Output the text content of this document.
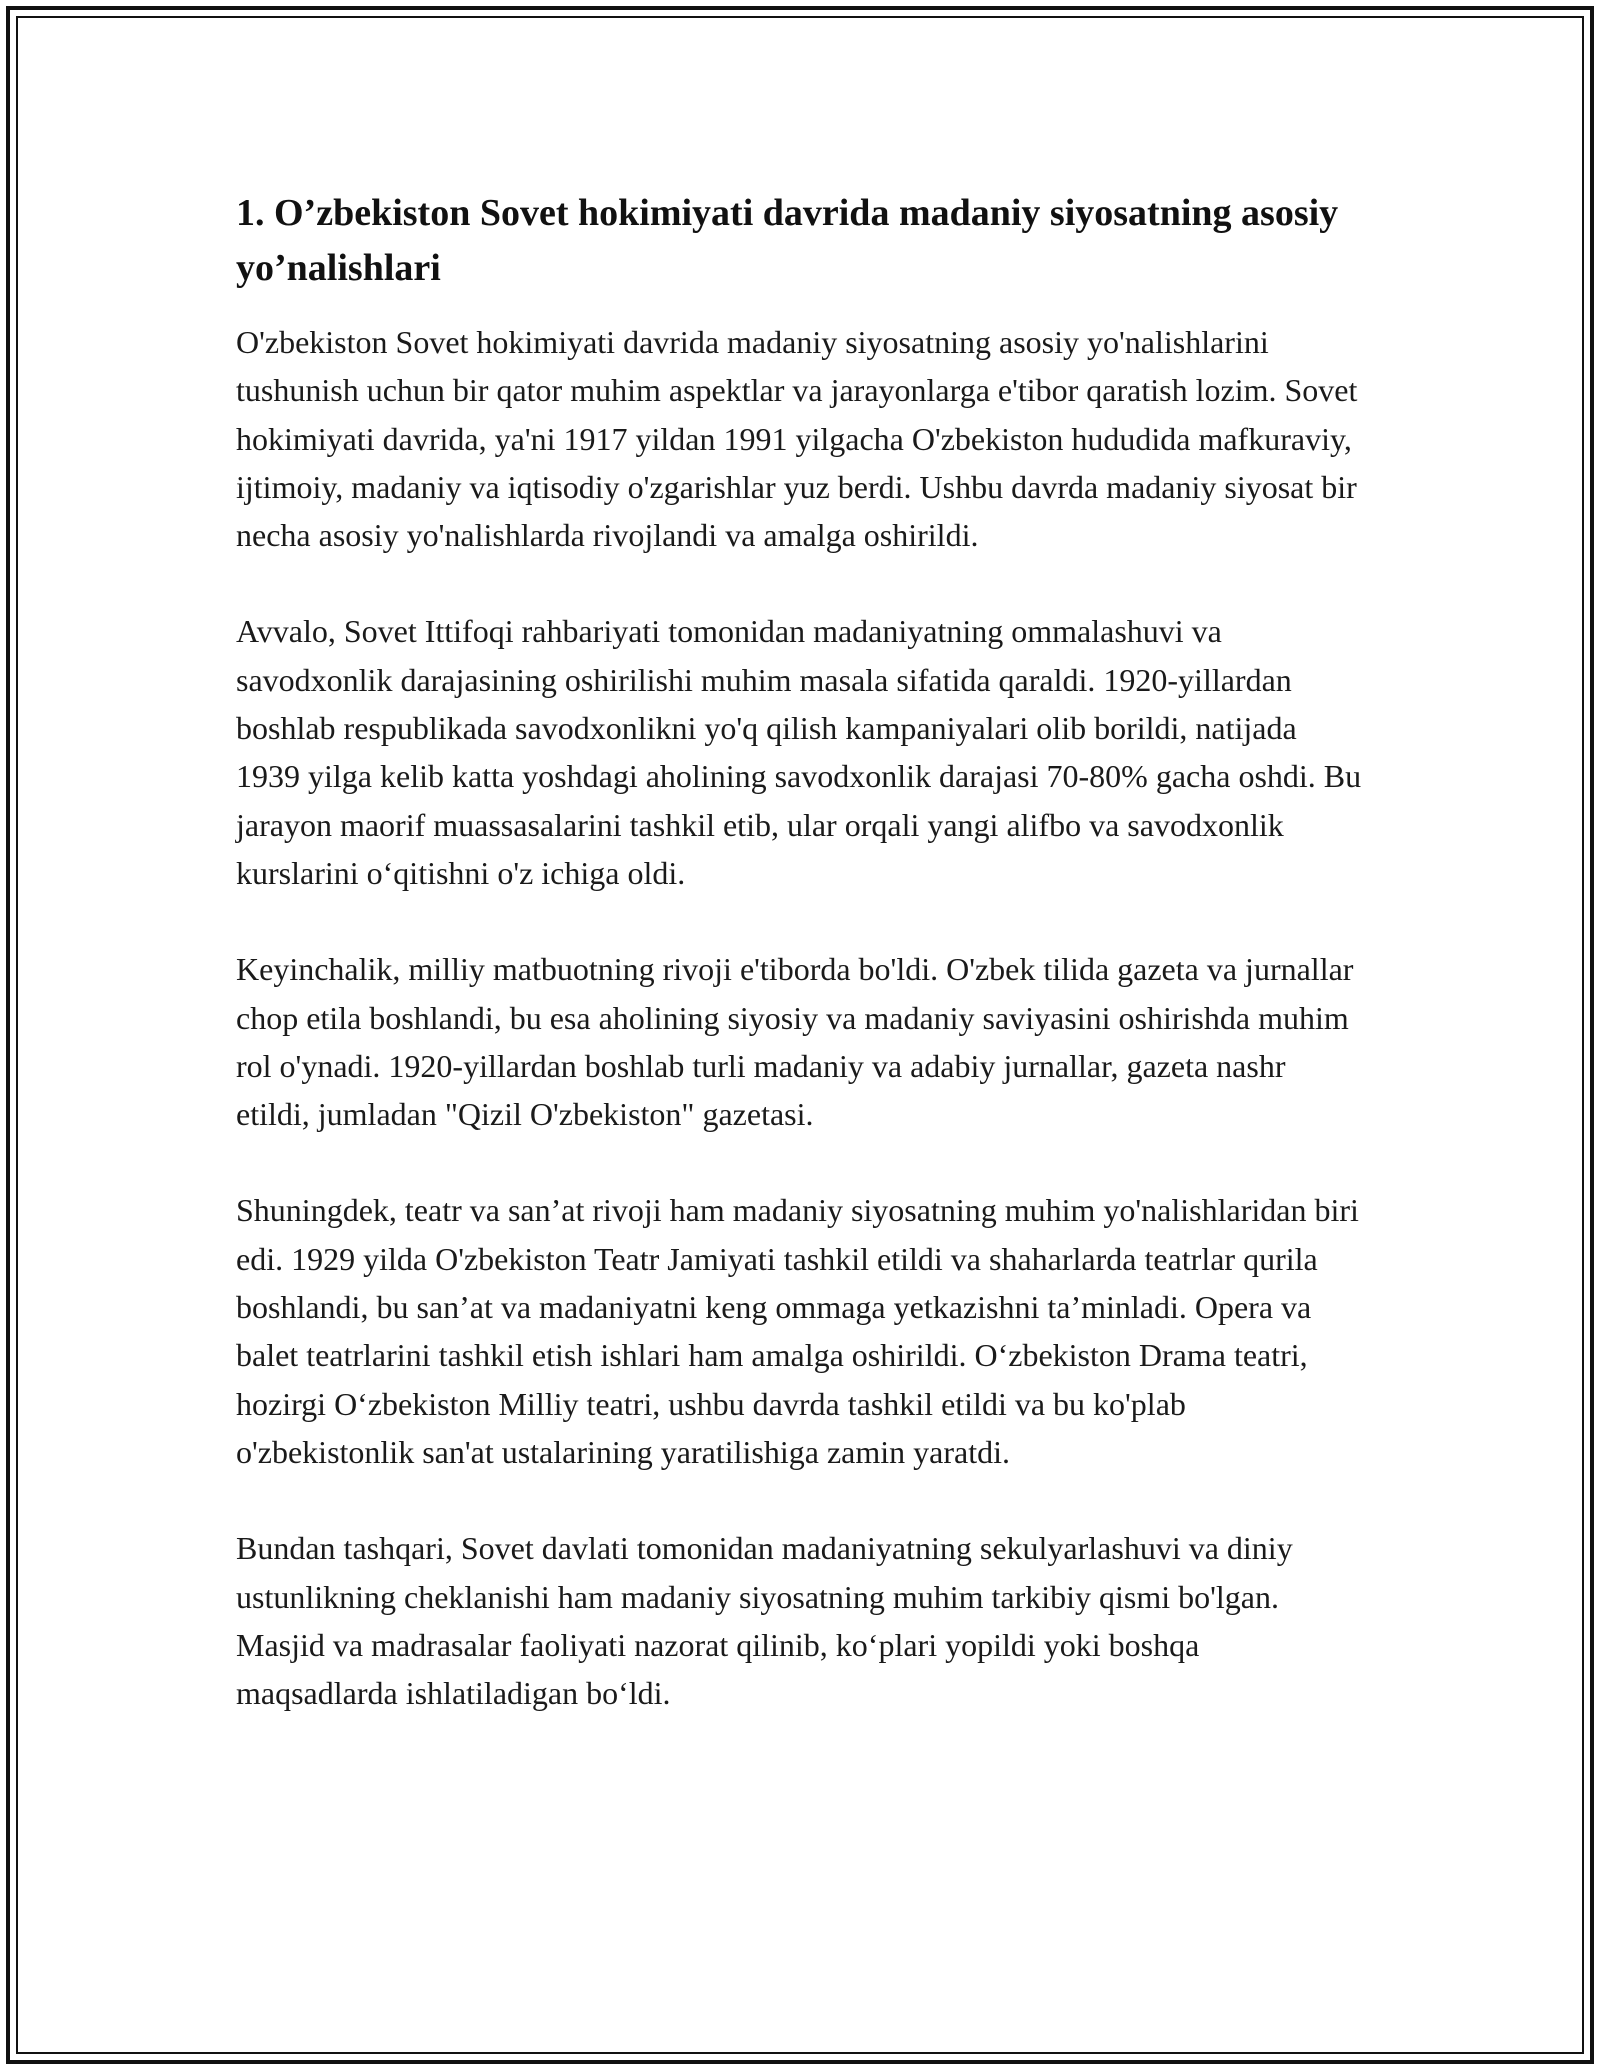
1. O’zbekiston Sovet hokimiyati davrida madaniy siyosatning asosiy yo’nalishlari

O'zbekiston Sovet hokimiyati davrida madaniy siyosatning asosiy yo'nalishlarini tushunish uchun bir qator muhim aspektlar va jarayonlarga e'tibor qaratish lozim. Sovet hokimiyati davrida, ya'ni 1917 yildan 1991 yilgacha O'zbekiston hududida mafkuraviy, ijtimoiy, madaniy va iqtisodiy o'zgarishlar yuz berdi. Ushbu davrda madaniy siyosat bir necha asosiy yo'nalishlarda rivojlandi va amalga oshirildi.

Avvalo, Sovet Ittifoqi rahbariyati tomonidan madaniyatning ommalashuvi va savodxonlik darajasining oshirilishi muhim masala sifatida qaraldi. 1920-yillardan boshlab respublikada savodxonlikni yo'q qilish kampaniyalari olib borildi, natijada 1939 yilga kelib katta yoshdagi aholining savodxonlik darajasi 70-80% gacha oshdi. Bu jarayon maorif muassasalarini tashkil etib, ular orqali yangi alifbo va savodxonlik kurslarini o‘qitishni o'z ichiga oldi.

Keyinchalik, milliy matbuotning rivoji e'tiborda bo'ldi. O'zbek tilida gazeta va jurnallar chop etila boshlandi, bu esa aholining siyosiy va madaniy saviyasini oshirishda muhim rol o'ynadi. 1920-yillardan boshlab turli madaniy va adabiy jurnallar, gazeta nashr etildi, jumladan "Qizil O'zbekiston" gazetasi.

Shuningdek, teatr va san’at rivoji ham madaniy siyosatning muhim yo'nalishlaridan biri edi. 1929 yilda O'zbekiston Teatr Jamiyati tashkil etildi va shaharlarda teatrlar qurila boshlandi, bu san’at va madaniyatni keng ommaga yetkazishni ta’minladi. Opera va balet teatrlarini tashkil etish ishlari ham amalga oshirildi. O‘zbekiston Drama teatri, hozirgi O‘zbekiston Milliy teatri, ushbu davrda tashkil etildi va bu ko'plab o'zbekistonlik san'at ustalarining yaratilishiga zamin yaratdi.

Bundan tashqari, Sovet davlati tomonidan madaniyatning sekulyarlashuvi va diniy ustunlikning cheklanishi ham madaniy siyosatning muhim tarkibiy qismi bo'lgan. Masjid va madrasalar faoliyati nazorat qilinib, ko‘plari yopildi yoki boshqa maqsadlarda ishlatiladigan bo‘ldi.
